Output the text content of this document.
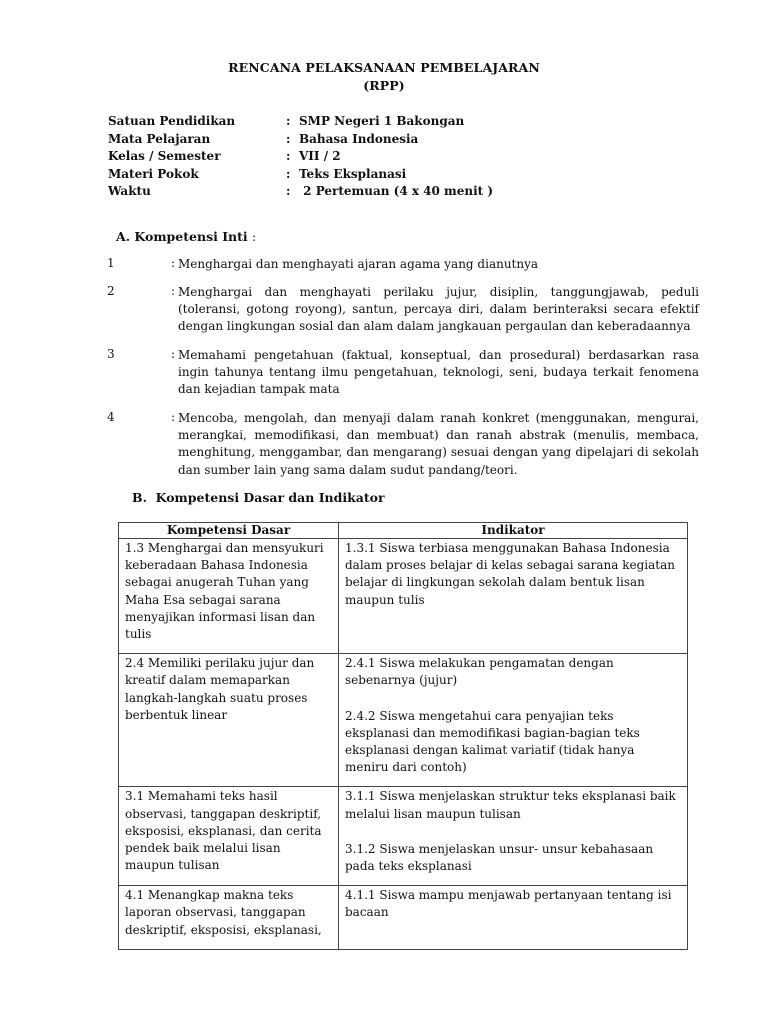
RENCANA PELAKSANAAN PEMBELAJARAN
(RPP)
Satuan Pendidikan	: SMP Negeri 1 Bakongan
Mata Pelajaran	: Bahasa Indonesia
Kelas / Semester	: VII / 2
Materi Pokok	: Teks Eksplanasi
Waktu	: 2 Pertemuan (4 x 40 menit )
A. Kompetensi Inti :
1	: Menghargai dan menghayati ajaran agama yang dianutnya
2	: Menghargai dan menghayati perilaku jujur, disiplin, tanggungjawab, peduli (toleransi, gotong royong), santun, percaya diri, dalam berinteraksi secara efektif dengan lingkungan sosial dan alam dalam jangkauan pergaulan dan keberadaannya
3	: Memahami pengetahuan (faktual, konseptual, dan prosedural) berdasarkan rasa ingin tahunya tentang ilmu pengetahuan, teknologi, seni, budaya terkait fenomena dan kejadian tampak mata
4	: Mencoba, mengolah, dan menyaji dalam ranah konkret (menggunakan, mengurai, merangkai, memodifikasi, dan membuat) dan ranah abstrak (menulis, membaca, menghitung, menggambar, dan mengarang) sesuai dengan yang dipelajari di sekolah dan sumber lain yang sama dalam sudut pandang/teori.
B.  Kompetensi Dasar dan Indikator
Kompetensi Dasar	Indikator
1.3 Menghargai dan mensyukuri keberadaan Bahasa Indonesia sebagai anugerah Tuhan yang Maha Esa sebagai sarana menyajikan informasi lisan dan tulis	1.3.1 Siswa terbiasa menggunakan Bahasa Indonesia dalam proses belajar di kelas sebagai sarana kegiatan belajar di lingkungan sekolah dalam bentuk lisan maupun tulis

2.4 Memiliki perilaku jujur dan kreatif dalam memaparkan langkah-langkah suatu proses berbentuk linear	2.4.1 Siswa melakukan pengamatan dengan sebenarnya (jujur)
2.4.2 Siswa mengetahui cara penyajian teks eksplanasi dan memodifikasi bagian-bagian teks eksplanasi dengan kalimat variatif (tidak hanya meniru dari contoh)

3.1 Memahami teks hasil observasi, tanggapan deskriptif, eksposisi, eksplanasi, dan cerita pendek baik melalui lisan maupun tulisan	3.1.1 Siswa menjelaskan struktur teks eksplanasi baik melalui lisan maupun tulisan
3.1.2 Siswa menjelaskan unsur- unsur kebahasaan pada teks eksplanasi

4.1 Menangkap makna teks laporan observasi, tanggapan deskriptif, eksposisi, eksplanasi,	4.1.1 Siswa mampu menjawab pertanyaan tentang isi bacaan
